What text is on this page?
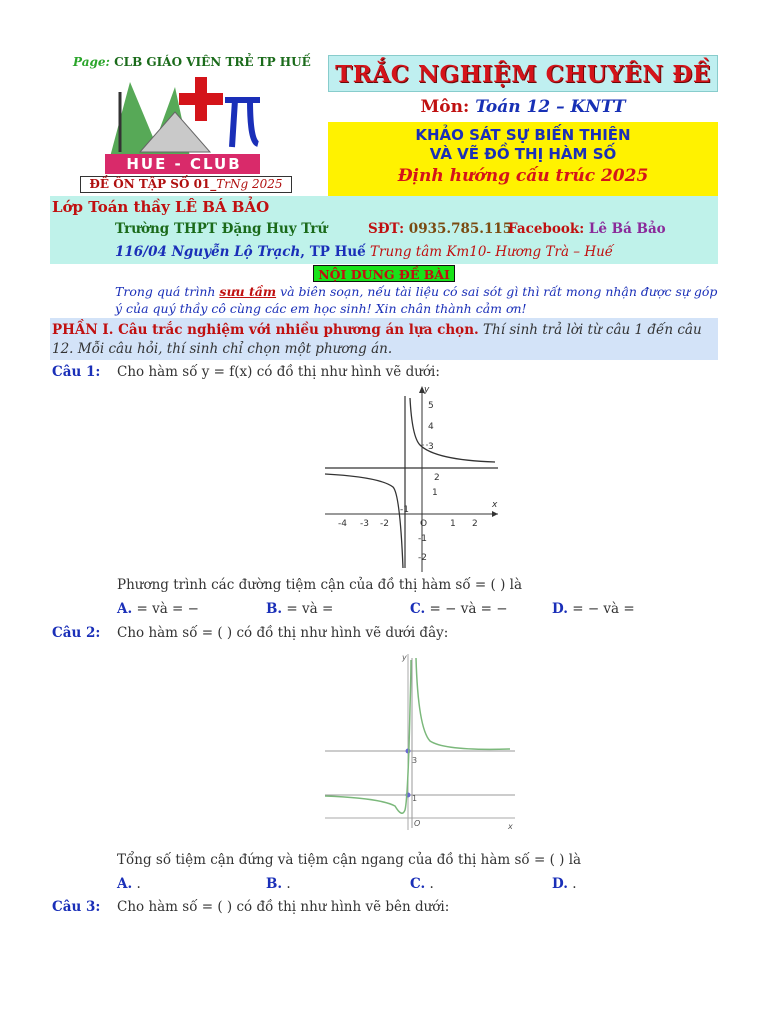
Page: CLB GIÁO VIÊN TRẺ TP HUẾ
HUE - CLUB
ĐỀ ÔN TẬP SỐ 01_TrNg 2025
TRẮC NGHIỆM CHUYÊN ĐỀ
Môn: Toán 12 – KNTT
KHẢO SÁT SỰ BIẾN THIÊN
VÀ VẼ ĐỒ THỊ HÀM SỐ
Định hướng cấu trúc 2025
Lớp Toán thầy LÊ BÁ BẢO
Trường THPT Đặng Huy Trứ	SĐT: 0935.785.115
Facebook: Lê Bá Bảo
116/04 Nguyễn Lộ Trạch, TP Huế Trung tâm Km10- Hương Trà – Huế
NỘI DUNG ĐỀ BÀI
Trong quá trình sưu tầm và biên soạn, nếu tài liệu có sai sót gì thì rất mong nhận được sự góp ý của quý thầy cô cùng các em học sinh! Xin chân thành cảm ơn!
PHẦN I. Câu trắc nghiệm với nhiều phương án lựa chọn. Thí sinh trả lời từ câu 1 đến câu 12. Mỗi câu hỏi, thí sinh chỉ chọn một phương án.
Câu 1: Cho hàm số y = f(x) có đồ thị như hình vẽ dưới:
5
4
3
2
1
-1
-2
-4 -3 -2
-1
O	1 2
x
y
Phương trình các đường tiệm cận của đồ thị hàm số = ( ) là
A. = và = −	B. = và =	C. = − và = −	D. = − và =
Câu 2: Cho hàm số = ( ) có đồ thị như hình vẽ dưới đây:
3
1
O	x
y
Tổng số tiệm cận đứng và tiệm cận ngang của đồ thị hàm số = ( ) là
A. .	B. .	C. .	D. .
Câu 3: Cho hàm số = ( ) có đồ thị như hình vẽ bên dưới:
